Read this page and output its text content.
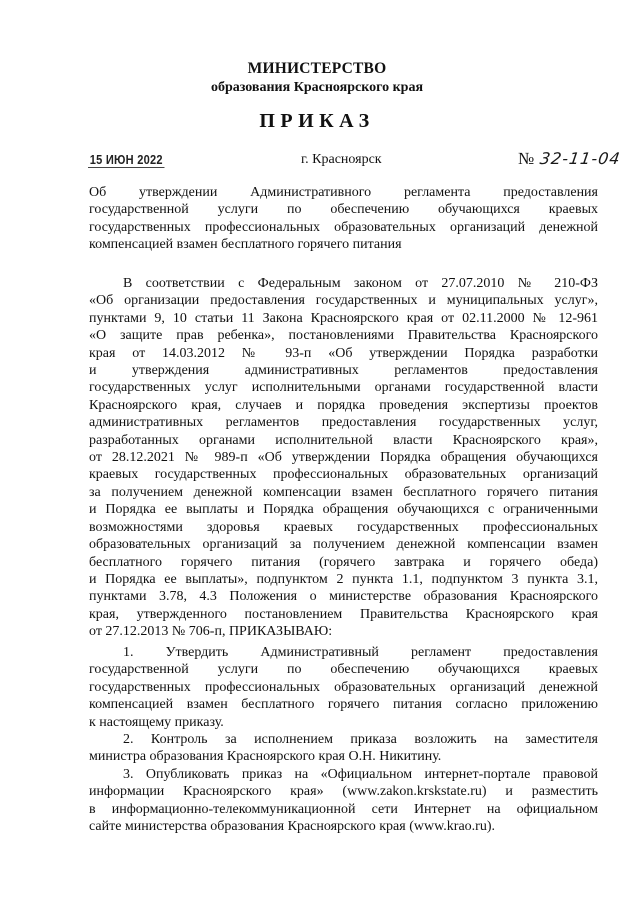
МИНИСТЕРСТВО
образования Красноярского края
ПРИКАЗ
15 ИЮН 2022	г. Красноярск	№ 32-11-04
Об утверждении Административного регламента предоставления
государственной услуги по обеспечению обучающихся краевых
государственных профессиональных образовательных организаций денежной
компенсацией взамен бесплатного горячего питания
В соответствии с Федеральным законом от 27.07.2010 № 210-ФЗ
«Об организации предоставления государственных и муниципальных услуг»,
пунктами 9, 10 статьи 11 Закона Красноярского края от 02.11.2000 № 12-961
«О защите прав ребенка», постановлениями Правительства Красноярского
края от 14.03.2012 № 93-п «Об утверждении Порядка разработки
и утверждения административных регламентов предоставления
государственных услуг исполнительными органами государственной власти
Красноярского края, случаев и порядка проведения экспертизы проектов
административных регламентов предоставления государственных услуг,
разработанных органами исполнительной власти Красноярского края»,
от 28.12.2021 № 989-п «Об утверждении Порядка обращения обучающихся
краевых государственных профессиональных образовательных организаций
за получением денежной компенсации взамен бесплатного горячего питания
и Порядка ее выплаты и Порядка обращения обучающихся с ограниченными
возможностями здоровья краевых государственных профессиональных
образовательных организаций за получением денежной компенсации взамен
бесплатного горячего питания (горячего завтрака и горячего обеда)
и Порядка ее выплаты», подпунктом 2 пункта 1.1, подпунктом 3 пункта 3.1,
пунктами 3.78, 4.3 Положения о министерстве образования Красноярского
края, утвержденного постановлением Правительства Красноярского края
от 27.12.2013 № 706-п, ПРИКАЗЫВАЮ:
1. Утвердить Административный регламент предоставления
государственной услуги по обеспечению обучающихся краевых
государственных профессиональных образовательных организаций денежной
компенсацией взамен бесплатного горячего питания согласно приложению
к настоящему приказу.
2. Контроль за исполнением приказа возложить на заместителя
министра образования Красноярского края О.Н. Никитину.
3. Опубликовать приказ на «Официальном интернет-портале правовой
информации Красноярского края» (www.zakon.krskstate.ru) и разместить
в информационно-телекоммуникационной сети Интернет на официальном
сайте министерства образования Красноярского края (www.krao.ru).
